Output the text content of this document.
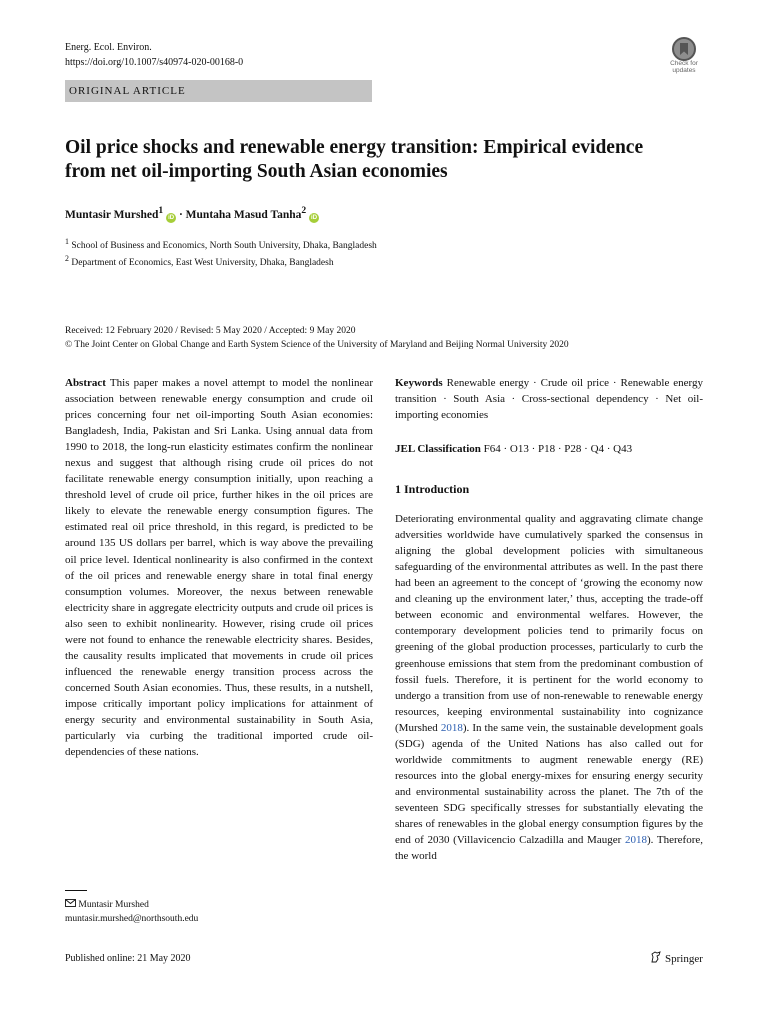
Energ. Ecol. Environ.
https://doi.org/10.1007/s40974-020-00168-0	Check for
updates
ORIGINAL ARTICLE
Oil price shocks and renewable energy transition: Empirical evidence from net oil-importing South Asian economies
Muntasir Murshed$^1$ iD · Muntaha Masud Tanha$^2$ iD
$^1$ School of Business and Economics, North South University, Dhaka, Bangladesh
$^2$ Department of Economics, East West University, Dhaka, Bangladesh
Received: 12 February 2020 / Revised: 5 May 2020 / Accepted: 9 May 2020
© The Joint Center on Global Change and Earth System Science of the University of Maryland and Beijing Normal University 2020
Abstract This paper makes a novel attempt to model the nonlinear association between renewable energy consumption and crude oil prices concerning four net oil-importing South Asian economies: Bangladesh, India, Pakistan and Sri Lanka. Using annual data from 1990 to 2018, the long-run elasticity estimates confirm the nonlinear nexus and suggest that although rising crude oil prices do not facilitate renewable energy consumption initially, upon reaching a threshold level of crude oil price, further hikes in the oil prices are likely to elevate the renewable energy consumption figures. The estimated real oil price threshold, in this regard, is predicted to be around 135 US dollars per barrel, which is way above the prevailing oil price level. Identical nonlinearity is also confirmed in the context of the oil prices and renewable energy share in total final energy consumption volumes. Moreover, the nexus between renewable electricity share in aggregate electricity outputs and crude oil prices is also seen to exhibit nonlinearity. However, rising crude oil prices were not found to enhance the renewable electricity shares. Besides, the causality results implicated that movements in crude oil prices influenced the renewable energy transition process across the concerned South Asian economies. Thus, these results, in a nutshell, impose critically important policy implications for attainment of energy security and environmental sustainability in South Asia, particularly via curbing the traditional imported crude oil-dependencies of these nations.

Keywords Renewable energy · Crude oil price · Renewable energy transition · South Asia · Cross-sectional dependency · Net oil-importing economies

JEL Classification F64 · O13 · P18 · P28 · Q4 · Q43

1 Introduction

Deteriorating environmental quality and aggravating climate change adversities worldwide have cumulatively sparked the consensus in aligning the global development policies with simultaneous safeguarding of the environmental attributes as well. In the past there had been an agreement to the concept of ‘growing the economy now and cleaning up the environment later,’ thus, accepting the trade-off between economic and environmental welfares. However, the contemporary development policies tend to primarily focus on greening of the global production processes, particularly to curb the greenhouse emissions that stem from the predominant combustion of fossil fuels. Therefore, it is pertinent for the world economy to undergo a transition from use of non-renewable to renewable energy resources, keeping environmental sustainability into cognizance (Murshed 2018). In the same vein, the sustainable development goals (SDG) agenda of the United Nations has also called out for worldwide commitments to augment renewable energy (RE) resources into the global energy-mixes for ensuring energy security and environmental sustainability across the planet. The 7th of the seventeen SDG specifically stresses for substantially elevating the shares of renewables in the global energy consumption figures by the end of 2030 (Villavicencio Calzadilla and Mauger 2018). Therefore, the world

Muntasir Murshed
muntasir.murshed@northsouth.edu
Published online: 21 May 2020	Springer
